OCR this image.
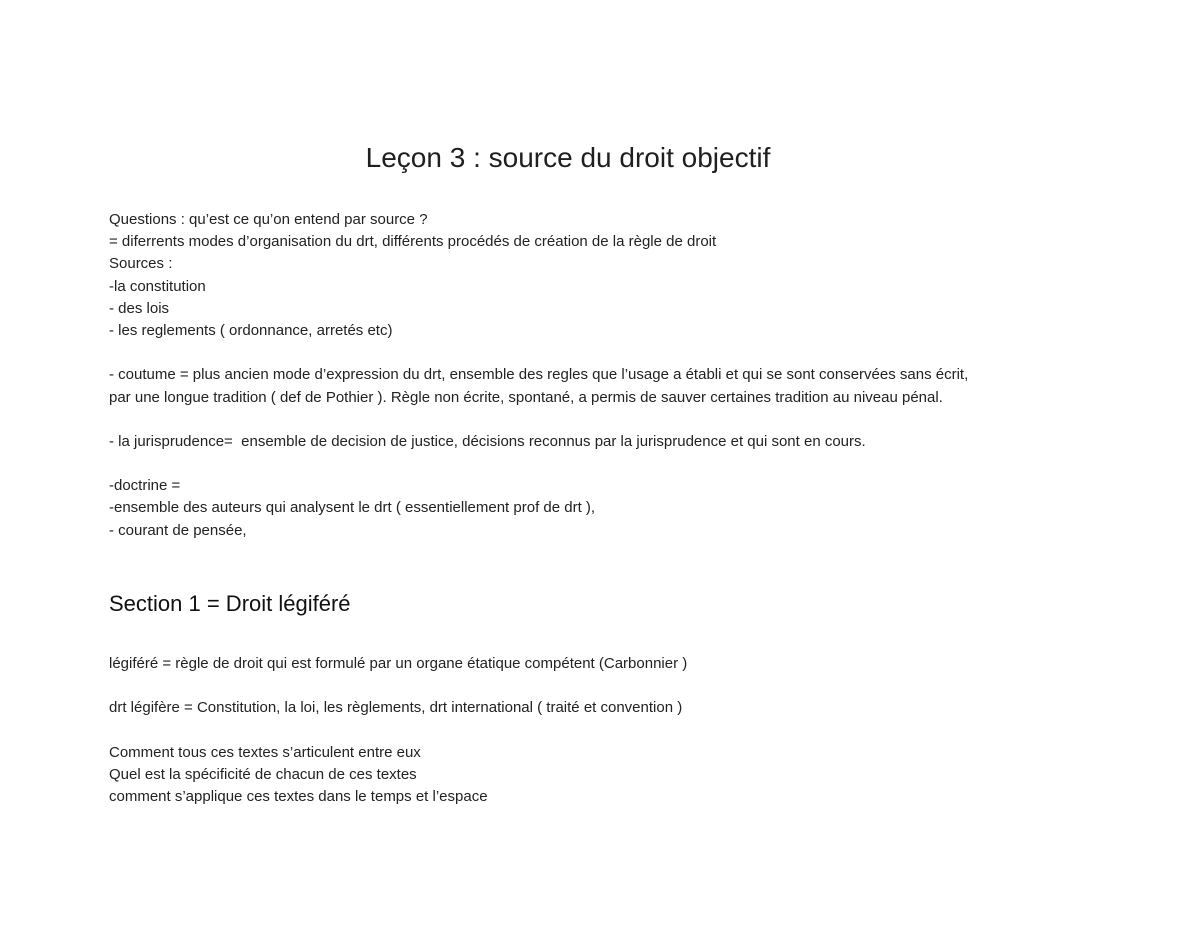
Leçon 3 : source du droit objectif
Questions : qu’est ce qu’on entend par source ?
= diferrents modes d’organisation du drt, différents procédés de création de la règle de droit
Sources :
-la constitution
- des lois
- les reglements ( ordonnance, arretés etc)
- coutume = plus ancien mode d’expression du drt, ensemble des regles que l’usage a établi et qui se sont conservées sans écrit,
par une longue tradition ( def de Pothier ). Règle non écrite, spontané, a permis de sauver certaines tradition au niveau pénal.
- la jurisprudence=  ensemble de decision de justice, décisions reconnus par la jurisprudence et qui sont en cours.
-doctrine =
-ensemble des auteurs qui analysent le drt ( essentiellement prof de drt ),
- courant de pensée,
Section 1 = Droit légiféré
légiféré = règle de droit qui est formulé par un organe étatique compétent (Carbonnier )
drt légifère = Constitution, la loi, les règlements, drt international ( traité et convention )
Comment tous ces textes s’articulent entre eux
Quel est la spécificité de chacun de ces textes
comment s’applique ces textes dans le temps et l’espace
